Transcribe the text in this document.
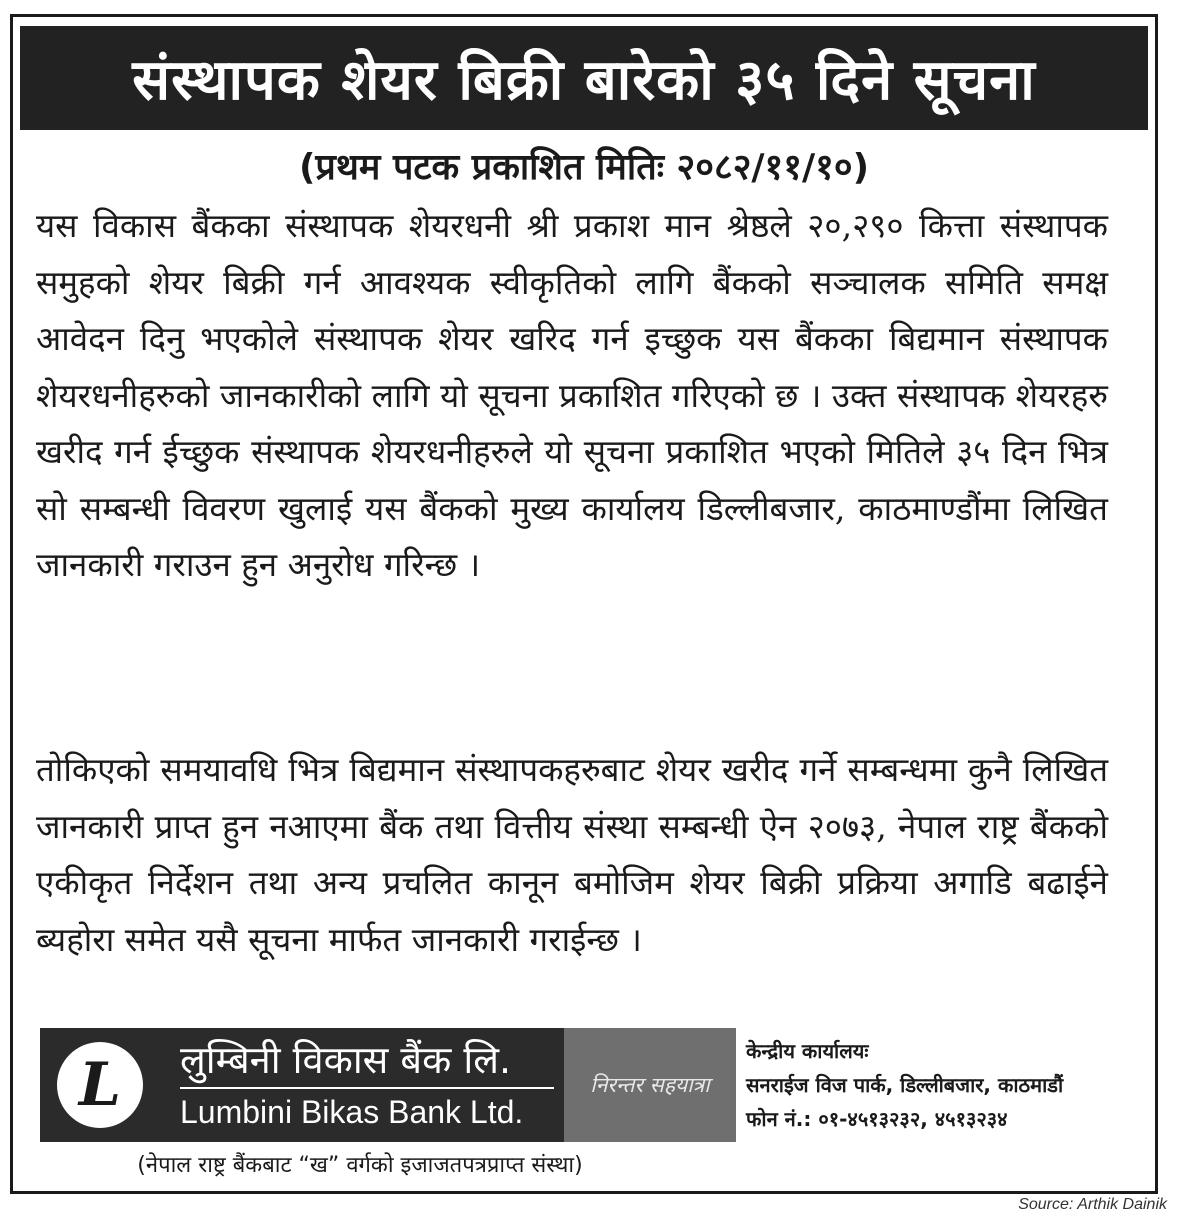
संस्थापक शेयर बिक्री बारेको ३५ दिने सूचना
(प्रथम पटक प्रकाशित मितिः २०८२/११/१०)

यस विकास बैंकका संस्थापक शेयरधनी श्री प्रकाश मान श्रेष्ठले २०,२९० कित्ता संस्थापक समुहको शेयर बिक्री गर्न आवश्यक स्वीकृतिको लागि बैंकको सञ्चालक समिति समक्ष आवेदन दिनु भएकोले संस्थापक शेयर खरिद गर्न इच्छुक यस बैंकका बिद्यमान संस्थापक शेयरधनीहरुको जानकारीको लागि यो सूचना प्रकाशित गरिएको छ । उक्त संस्थापक शेयरहरु खरीद गर्न ईच्छुक संस्थापक शेयरधनीहरुले यो सूचना प्रकाशित भएको मितिले ३५ दिन भित्र सो सम्बन्धी विवरण खुलाई यस बैंकको मुख्य कार्यालय डिल्लीबजार, काठमाण्डौंमा लिखित जानकारी गराउन हुन अनुरोध गरिन्छ ।

तोकिएको समयावधि भित्र बिद्यमान संस्थापकहरुबाट शेयर खरीद गर्ने सम्बन्धमा कुनै लिखित जानकारी प्राप्त हुन नआएमा बैंक तथा वित्तीय संस्था सम्बन्धी ऐन २०७३, नेपाल राष्ट्र बैंकको एकीकृत निर्देशन तथा अन्य प्रचलित कानून बमोजिम शेयर बिक्री प्रक्रिया अगाडि बढाईने ब्यहोरा समेत यसै सूचना मार्फत जानकारी गराईन्छ ।

L	लुम्बिनी विकास बैंक लि.
Lumbini Bikas Bank Ltd.
निरन्तर सहयात्रा
केन्द्रीय कार्यालयः
सनराईज विज पार्क, डिल्लीबजार, काठमाडौं
फोन नं.: ०१-४५१३२३२, ४५१३२३४
(नेपाल राष्ट्र बैंकबाट “ख” वर्गको इजाजतपत्रप्राप्त संस्था)
Source: Arthik Dainik
